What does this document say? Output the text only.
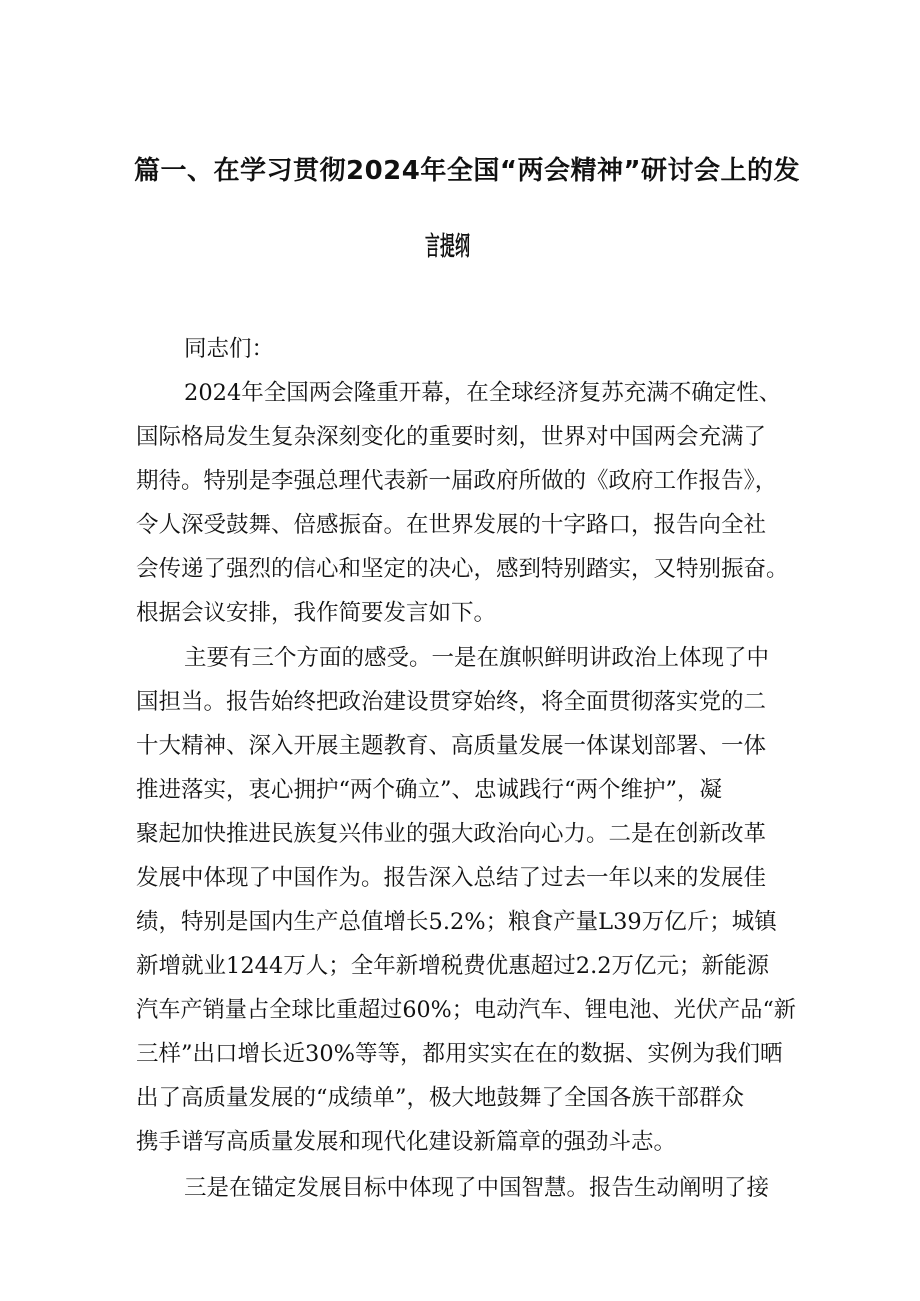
篇一、在学习贯彻2024年全国“两会精神”研讨会上的发
言提纲
同志们：
2024年全国两会隆重开幕，在全球经济复苏充满不确定性、
国际格局发生复杂深刻变化的重要时刻，世界对中国两会充满了
期待。特别是李强总理代表新一届政府所做的《政府工作报告》，
令人深受鼓舞、倍感振奋。在世界发展的十字路口，报告向全社
会传递了强烈的信心和坚定的决心，感到特别踏实，又特别振奋。
根据会议安排，我作简要发言如下。
主要有三个方面的感受。一是在旗帜鲜明讲政治上体现了中
国担当。报告始终把政治建设贯穿始终，将全面贯彻落实党的二
十大精神、深入开展主题教育、高质量发展一体谋划部署、一体
推进落实，衷心拥护“两个确立”、忠诚践行“两个维护”，凝
聚起加快推进民族复兴伟业的强大政治向心力。二是在创新改革
发展中体现了中国作为。报告深入总结了过去一年以来的发展佳
绩，特别是国内生产总值增长5.2%；粮食产量L39万亿斤；城镇
新增就业1244万人；全年新增税费优惠超过2.2万亿元；新能源
汽车产销量占全球比重超过60%；电动汽车、锂电池、光伏产品“新
三样”出口增长近30%等等，都用实实在在的数据、实例为我们晒
出了高质量发展的“成绩单”，极大地鼓舞了全国各族干部群众
携手谱写高质量发展和现代化建设新篇章的强劲斗志。
三是在锚定发展目标中体现了中国智慧。报告生动阐明了接
